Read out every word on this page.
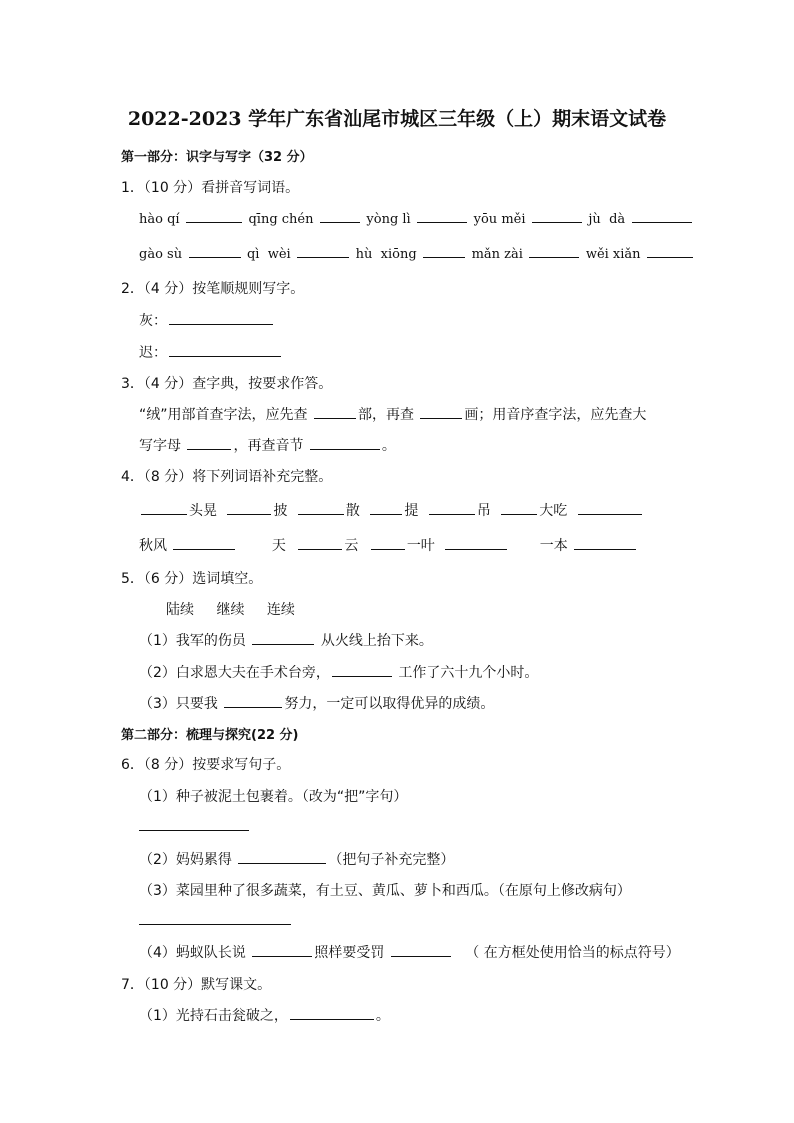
2022-2023 学年广东省汕尾市城区三年级（上）期末语文试卷
第一部分：识字与写字（32 分）
1．（10 分）看拼音写词语。
hào qí	qīng chén	yòng lì	yōu měi	jù  dà
gào sù	qì  wèi	hù  xiōng	mǎn zài	wěi xiǎn
2．（4 分）按笔顺规则写字。
灰：
迟：
3．（4 分）查字典，按要求作答。
“绒”用部首查字法，应先查	部，再查	画；用音序查字法，应先查大
写字母	，再查音节	。
4．（8 分）将下列词语补充完整。
头晃	披	散	提	吊	大吃
秋风	天	云	一叶	一本
5．（6 分）选词填空。
陆续 继续 连续
（1）我军的伤员	从火线上抬下来。
（2）白求恩大夫在手术台旁，	工作了六十九个小时。
（3）只要我	努力，一定可以取得优异的成绩。
第二部分：梳理与探究(22 分)
6．（8 分）按要求写句子。
（1）种子被泥土包裹着。（改为“把”字句）
（2）妈妈累得	（把句子补充完整）
（3）菜园里种了很多蔬菜，有土豆、黄瓜、萝卜和西瓜。（在原句上修改病句）
（4）蚂蚁队长说	照样要受罚	（ 在方框处使用恰当的标点符号）
7．（10 分）默写课文。
（1）光持石击瓮破之，	。
